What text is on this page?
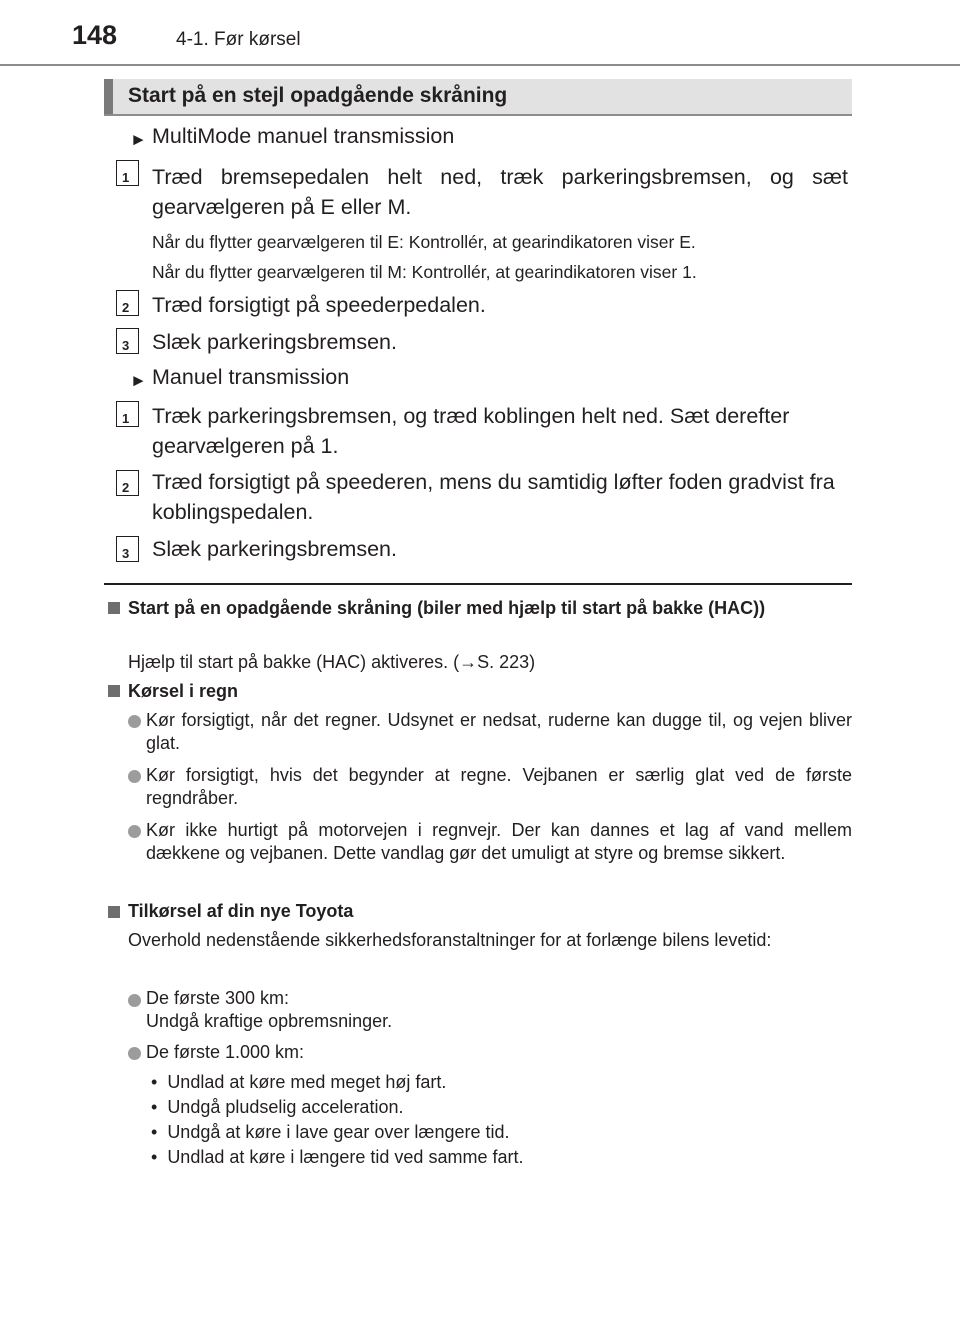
148	4-1. Før kørsel
Start på en stejl opadgående skråning
► MultiMode manuel transmission
1 Træd bremsepedalen helt ned, træk parkeringsbremsen, og sæt gearvælgeren på E eller M.
Når du flytter gearvælgeren til E: Kontrollér, at gearindikatoren viser E.
Når du flytter gearvælgeren til M: Kontrollér, at gearindikatoren viser 1.
2 Træd forsigtigt på speederpedalen.
3 Slæk parkeringsbremsen.
► Manuel transmission
1 Træk parkeringsbremsen, og træd koblingen helt ned. Sæt derefter gearvælgeren på 1.
2 Træd forsigtigt på speederen, mens du samtidig løfter foden gradvist fra koblingspedalen.
3 Slæk parkeringsbremsen.
Start på en opadgående skråning (biler med hjælp til start på bakke (HAC))
Hjælp til start på bakke (HAC) aktiveres. (→S. 223)
Kørsel i regn
Kør forsigtigt, når det regner. Udsynet er nedsat, ruderne kan dugge til, og vejen bliver glat.
Kør forsigtigt, hvis det begynder at regne. Vejbanen er særlig glat ved de første regndråber.
Kør ikke hurtigt på motorvejen i regnvejr. Der kan dannes et lag af vand mellem dækkene og vejbanen. Dette vandlag gør det umuligt at styre og bremse sikkert.
Tilkørsel af din nye Toyota
Overhold nedenstående sikkerhedsforanstaltninger for at forlænge bilens levetid:
De første 300 km:
Undgå kraftige opbremsninger.
De første 1.000 km:
•  Undlad at køre med meget høj fart.
•  Undgå pludselig acceleration.
•  Undgå at køre i lave gear over længere tid.
•  Undlad at køre i længere tid ved samme fart.
